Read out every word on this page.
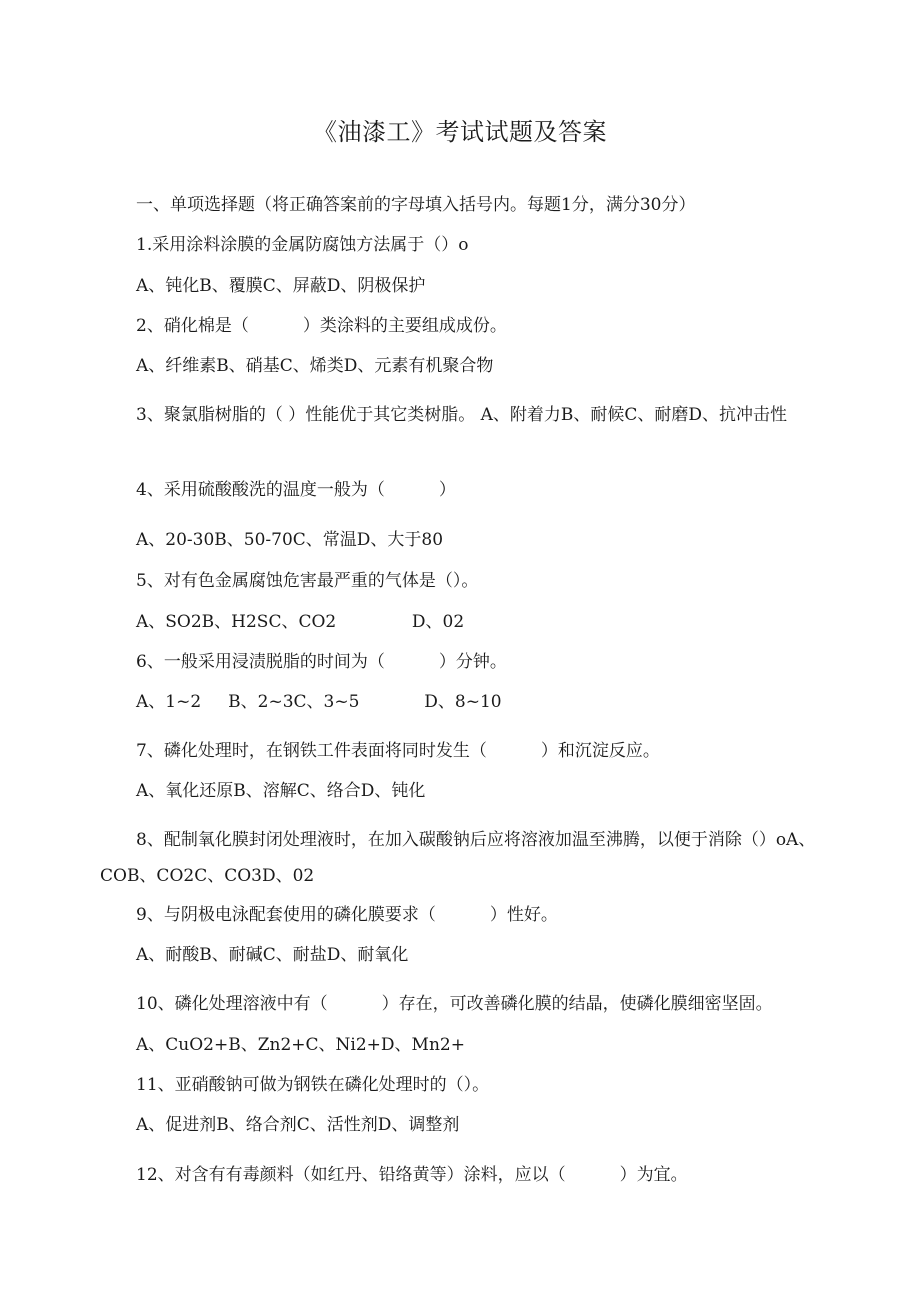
《油漆工》考试试题及答案
一、单项选择题（将正确答案前的字母填入括号内。每题1分，满分30分）
1.采用涂料涂膜的金属防腐蚀方法属于（）o
A、钝化B、覆膜C、屏蔽D、阴极保护
2、硝化棉是（          ）类涂料的主要组成成份。
A、纤维素B、硝基C、烯类D、元素有机聚合物
3、聚氯脂树脂的（ ）性能优于其它类树脂。 A、附着力B、耐候C、耐磨D、抗冲击性
4、采用硫酸酸洗的温度一般为（          ）
A、20-30B、50-70C、常温D、大于80
5、对有色金属腐蚀危害最严重的气体是（）。
A、SO2B、H2SC、CO2              D、02
6、一般采用浸渍脱脂的时间为（          ）分钟。
A、1~2     B、2~3C、3~5            D、8~10
7、磷化处理时，在钢铁工件表面将同时发生（          ）和沉淀反应。
A、氧化还原B、溶解C、络合D、钝化
8、配制氧化膜封闭处理液时，在加入碳酸钠后应将溶液加温至沸腾，以便于消除（）oA、COB、CO2C、CO3D、02
9、与阴极电泳配套使用的磷化膜要求（          ）性好。
A、耐酸B、耐碱C、耐盐D、耐氧化
10、磷化处理溶液中有（          ）存在，可改善磷化膜的结晶，使磷化膜细密坚固。
A、CuO2+B、Zn2+C、Ni2+D、Mn2+
11、亚硝酸钠可做为钢铁在磷化处理时的（）。
A、促进剂B、络合剂C、活性剂D、调整剂
12、对含有有毒颜料（如红丹、铅络黄等）涂料，应以（          ）为宜。
